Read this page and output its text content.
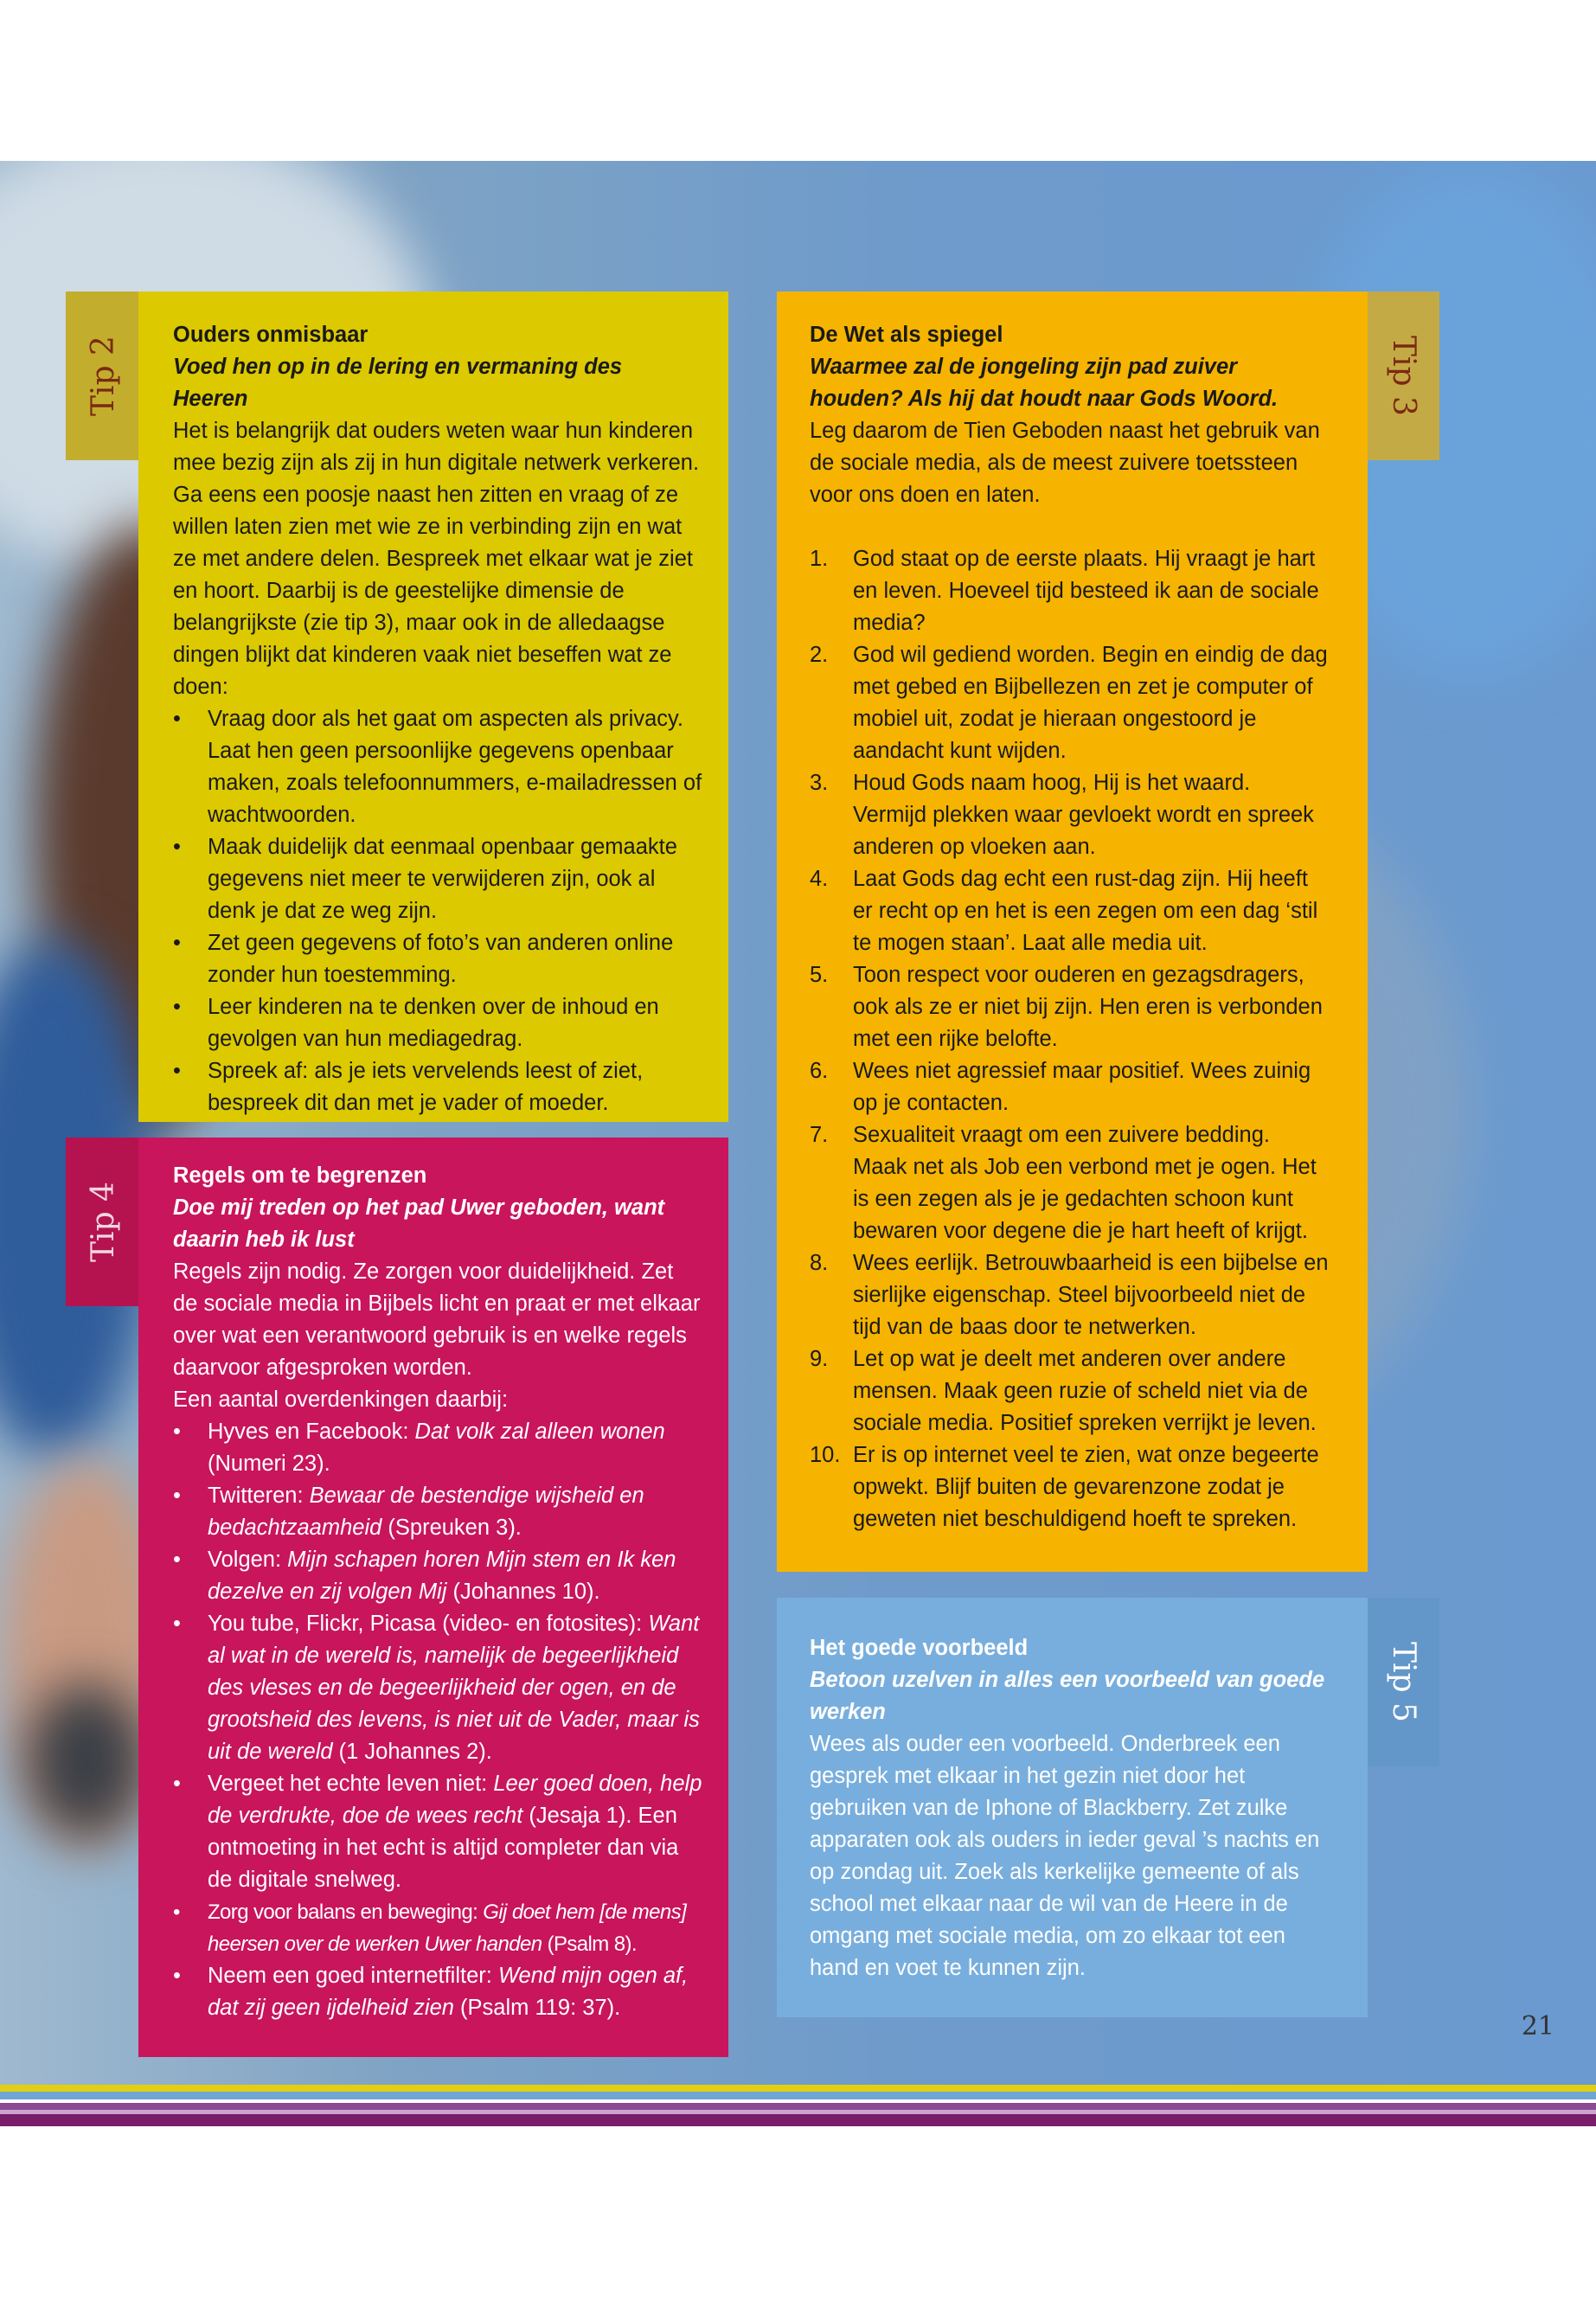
Tip 2

Ouders onmisbaar

Voed hen op in de lering en vermaning des Heeren

Het is belangrijk dat ouders weten waar hun kinderen mee bezig zijn als zij in hun digitale netwerk verkeren. Ga eens een poosje naast hen zitten en vraag of ze willen laten zien met wie ze in verbinding zijn en wat ze met andere delen. Bespreek met elkaar wat je ziet en hoort. Daarbij is de geestelijke dimensie de belangrijkste (zie tip 3), maar ook in de alledaagse dingen blijkt dat kinderen vaak niet beseffen wat ze doen:

• Vraag door als het gaat om aspecten als privacy. Laat hen geen persoonlijke gegevens openbaar maken, zoals telefoonnummers, e-mailadressen of wachtwoorden.
• Maak duidelijk dat eenmaal openbaar gemaakte gegevens niet meer te verwijderen zijn, ook al denk je dat ze weg zijn.
• Zet geen gegevens of foto’s van anderen online zonder hun toestemming.
• Leer kinderen na te denken over de inhoud en gevolgen van hun mediagedrag.
• Spreek af: als je iets vervelends leest of ziet, bespreek dit dan met je vader of moeder.

De Wet als spiegel

Waarmee zal de jongeling zijn pad zuiver houden? Als hij dat houdt naar Gods Woord.

Leg daarom de Tien Geboden naast het gebruik van de sociale media, als de meest zuivere toetssteen voor ons doen en laten.

1. God staat op de eerste plaats. Hij vraagt je hart en leven. Hoeveel tijd besteed ik aan de sociale media?
2. God wil gediend worden. Begin en eindig de dag met gebed en Bijbellezen en zet je computer of mobiel uit, zodat je hieraan ongestoord je aandacht kunt wijden.
3. Houd Gods naam hoog, Hij is het waard. Vermijd plekken waar gevloekt wordt en spreek anderen op vloeken aan.
4. Laat Gods dag echt een rust-dag zijn. Hij heeft er recht op en het is een zegen om een dag ‘stil te mogen staan’. Laat alle media uit.
5. Toon respect voor ouderen en gezagsdragers, ook als ze er niet bij zijn. Hen eren is verbonden met een rijke belofte.
6. Wees niet agressief maar positief. Wees zuinig op je contacten.
7. Sexualiteit vraagt om een zuivere bedding. Maak net als Job een verbond met je ogen. Het is een zegen als je je gedachten schoon kunt bewaren voor degene die je hart heeft of krijgt.
8. Wees eerlijk. Betrouwbaarheid is een bijbelse en sierlijke eigenschap. Steel bijvoorbeeld niet de tijd van de baas door te netwerken.
9. Let op wat je deelt met anderen over andere mensen. Maak geen ruzie of scheld niet via de sociale media. Positief spreken verrijkt je leven.
10. Er is op internet veel te zien, wat onze begeerte opwekt. Blijf buiten de gevarenzone zodat je geweten niet beschuldigend hoeft te spreken.
Tip 3
Tip 4

Regels om te begrenzen

Doe mij treden op het pad Uwer geboden, want daarin heb ik lust

Regels zijn nodig. Ze zorgen voor duidelijkheid. Zet de sociale media in Bijbels licht en praat er met elkaar over wat een verantwoord gebruik is en welke regels daarvoor afgesproken worden.

Een aantal overdenkingen daarbij:

• Hyves en Facebook: Dat volk zal alleen wonen (Numeri 23).
• Twitteren: Bewaar de bestendige wijsheid en bedachtzaamheid (Spreuken 3).
• Volgen: Mijn schapen horen Mijn stem en Ik ken dezelve en zij volgen Mij (Johannes 10).
• You tube, Flickr, Picasa (video- en fotosites): Want al wat in de wereld is, namelijk de begeerlijkheid des vleses en de begeerlijkheid der ogen, en de grootsheid des levens, is niet uit de Vader, maar is uit de wereld (1 Johannes 2).
• Vergeet het echte leven niet: Leer goed doen, help de verdrukte, doe de wees recht (Jesaja 1). Een ontmoeting in het echt is altijd completer dan via de digitale snelweg.
• Zorg voor balans en beweging: Gij doet hem [de mens] heersen over de werken Uwer handen (Psalm 8).
• Neem een goed internetfilter: Wend mijn ogen af, dat zij geen ijdelheid zien (Psalm 119: 37).

Het goede voorbeeld

Betoon uzelven in alles een voorbeeld van goede werken

Wees als ouder een voorbeeld. Onderbreek een gesprek met elkaar in het gezin niet door het gebruiken van de Iphone of Blackberry. Zet zulke apparaten ook als ouders in ieder geval ’s nachts en op zondag uit. Zoek als kerkelijke gemeente of als school met elkaar naar de wil van de Heere in de omgang met sociale media, om zo elkaar tot een hand en voet te kunnen zijn.

Tip 5
21
